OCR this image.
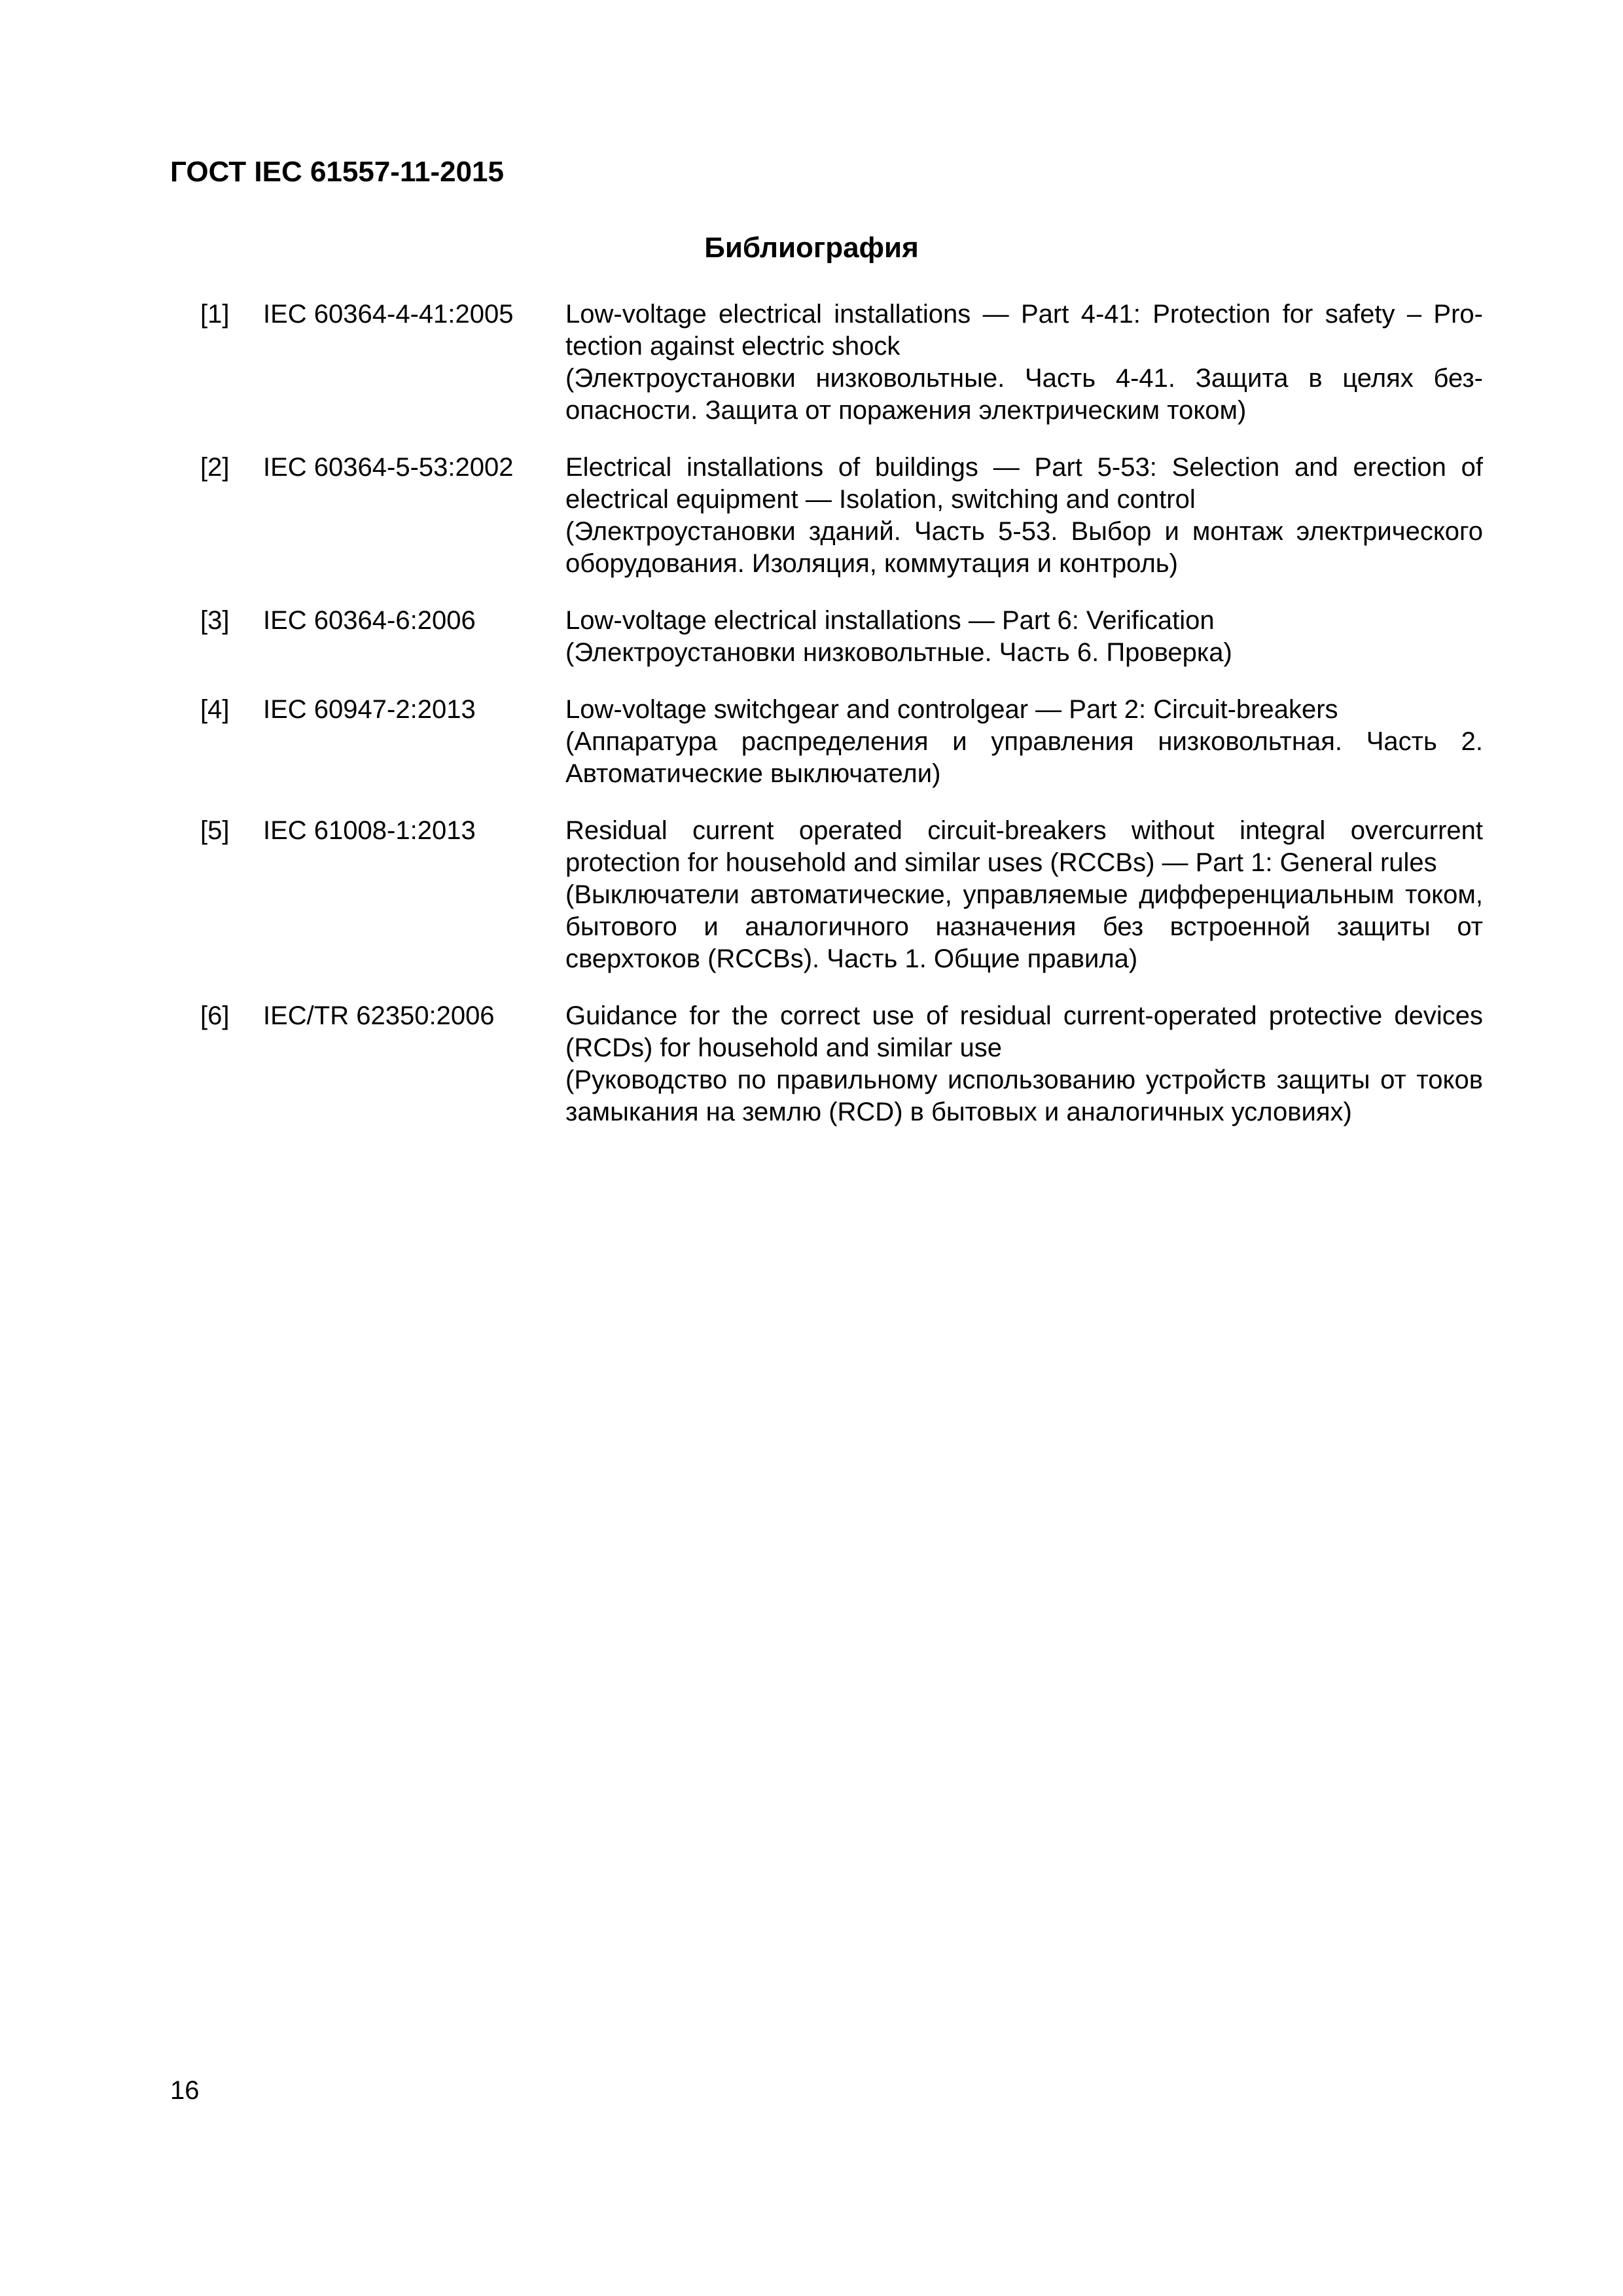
ГОСТ IEC 61557-11-2015
Библиография
[1]	IEC 60364-4-41:2005	Low-voltage electrical installations — Part 4-41: Protection for safety – Protection against electric shock
(Электроустановки низковольтные. Часть 4-41. Защита в целях безопасности. Защита от поражения электрическим током)
[2]	IEC 60364-5-53:2002	Electrical installations of buildings — Part 5-53: Selection and erection of electrical equipment — Isolation, switching and control
(Электроустановки зданий. Часть 5-53. Выбор и монтаж электрического оборудования. Изоляция, коммутация и контроль)
[3]	IEC 60364-6:2006	Low-voltage electrical installations — Part 6: Verification
(Электроустановки низковольтные. Часть 6. Проверка)
[4]	IEC 60947-2:2013	Low-voltage switchgear and controlgear — Part 2: Circuit-breakers
(Аппаратура распределения и управления низковольтная. Часть 2. Автоматические выключатели)
[5]	IEC 61008-1:2013	Residual current operated circuit-breakers without integral overcurrent protection for household and similar uses (RCCBs) — Part 1: General rules
(Выключатели автоматические, управляемые дифференциальным током, бытового и аналогичного назначения без встроенной защиты от сверхтоков (RCCBs). Часть 1. Общие правила)
[6]	IEC/TR 62350:2006	Guidance for the correct use of residual current-operated protective devices (RCDs) for household and similar use
(Руководство по правильному использованию устройств защиты от токов замыкания на землю (RCD) в бытовых и аналогичных условиях)
16
